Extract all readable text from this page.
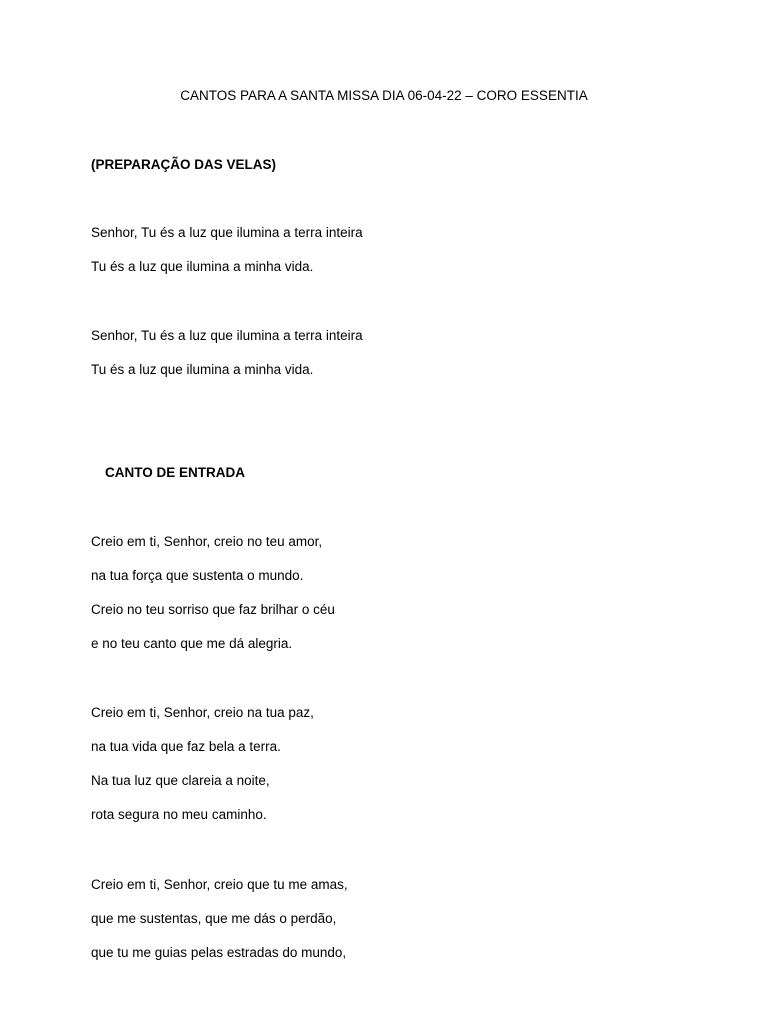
CANTOS PARA A SANTA MISSA DIA 06-04-22 – CORO ESSENTIA
(PREPARAÇÃO DAS VELAS)
Senhor, Tu és a luz que ilumina a terra inteira
Tu és a luz que ilumina a minha vida.
Senhor, Tu és a luz que ilumina a terra inteira
Tu és a luz que ilumina a minha vida.
CANTO DE ENTRADA
Creio em ti, Senhor, creio no teu amor,
na tua força que sustenta o mundo.
Creio no teu sorriso que faz brilhar o céu
e no teu canto que me dá alegria.
Creio em ti, Senhor, creio na tua paz,
na tua vida que faz bela a terra.
Na tua luz que clareia a noite,
rota segura no meu caminho.
Creio em ti, Senhor, creio que tu me amas,
que me sustentas, que me dás o perdão,
que tu me guias pelas estradas do mundo,
